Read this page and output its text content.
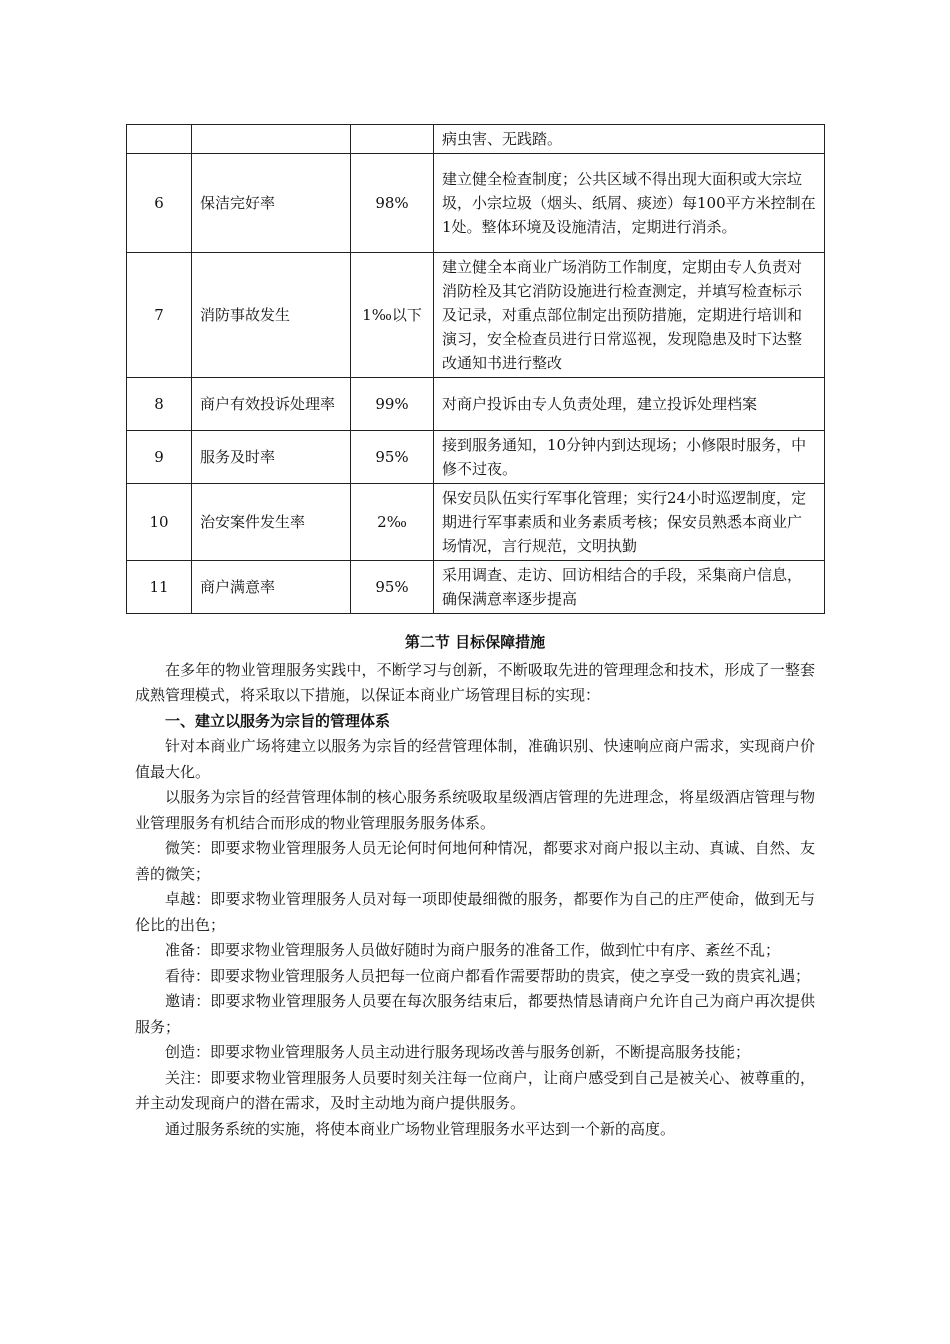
			病虫害、无践踏。
6	保洁完好率	98%	建立健全检查制度；公共区域不得出现大面积或大宗垃圾，小宗垃圾（烟头、纸屑、痰迹）每100平方米控制在1处。整体环境及设施清洁，定期进行消杀。
7	消防事故发生	1‰以下	建立健全本商业广场消防工作制度，定期由专人负责对消防栓及其它消防设施进行检查测定，并填写检查标示及记录，对重点部位制定出预防措施，定期进行培训和演习，安全检查员进行日常巡视，发现隐患及时下达整改通知书进行整改
8	商户有效投诉处理率	99%	对商户投诉由专人负责处理，建立投诉处理档案
9	服务及时率	95%	接到服务通知，10分钟内到达现场；小修限时服务，中修不过夜。
10	治安案件发生率	2‰	保安员队伍实行军事化管理；实行24小时巡逻制度，定期进行军事素质和业务素质考核；保安员熟悉本商业广场情况，言行规范，文明执勤
11	商户满意率	95%	采用调查、走访、回访相结合的手段，采集商户信息，确保满意率逐步提高
第二节 目标保障措施

在多年的物业管理服务实践中，不断学习与创新，不断吸取先进的管理理念和技术，形成了一整套成熟管理模式，将采取以下措施，以保证本商业广场管理目标的实现：

一、建立以服务为宗旨的管理体系

针对本商业广场将建立以服务为宗旨的经营管理体制，准确识别、快速响应商户需求，实现商户价值最大化。

以服务为宗旨的经营管理体制的核心服务系统吸取星级酒店管理的先进理念，将星级酒店管理与物业管理服务有机结合而形成的物业管理服务服务体系。

微笑：即要求物业管理服务人员无论何时何地何种情况，都要求对商户报以主动、真诚、自然、友善的微笑；

卓越：即要求物业管理服务人员对每一项即使最细微的服务，都要作为自己的庄严使命，做到无与伦比的出色；

准备：即要求物业管理服务人员做好随时为商户服务的准备工作，做到忙中有序、紊丝不乱；

看待：即要求物业管理服务人员把每一位商户都看作需要帮助的贵宾，使之享受一致的贵宾礼遇；

邀请：即要求物业管理服务人员要在每次服务结束后，都要热情恳请商户允许自己为商户再次提供服务；

创造：即要求物业管理服务人员主动进行服务现场改善与服务创新，不断提高服务技能；

关注：即要求物业管理服务人员要时刻关注每一位商户，让商户感受到自己是被关心、被尊重的，并主动发现商户的潜在需求，及时主动地为商户提供服务。

通过服务系统的实施，将使本商业广场物业管理服务水平达到一个新的高度。
